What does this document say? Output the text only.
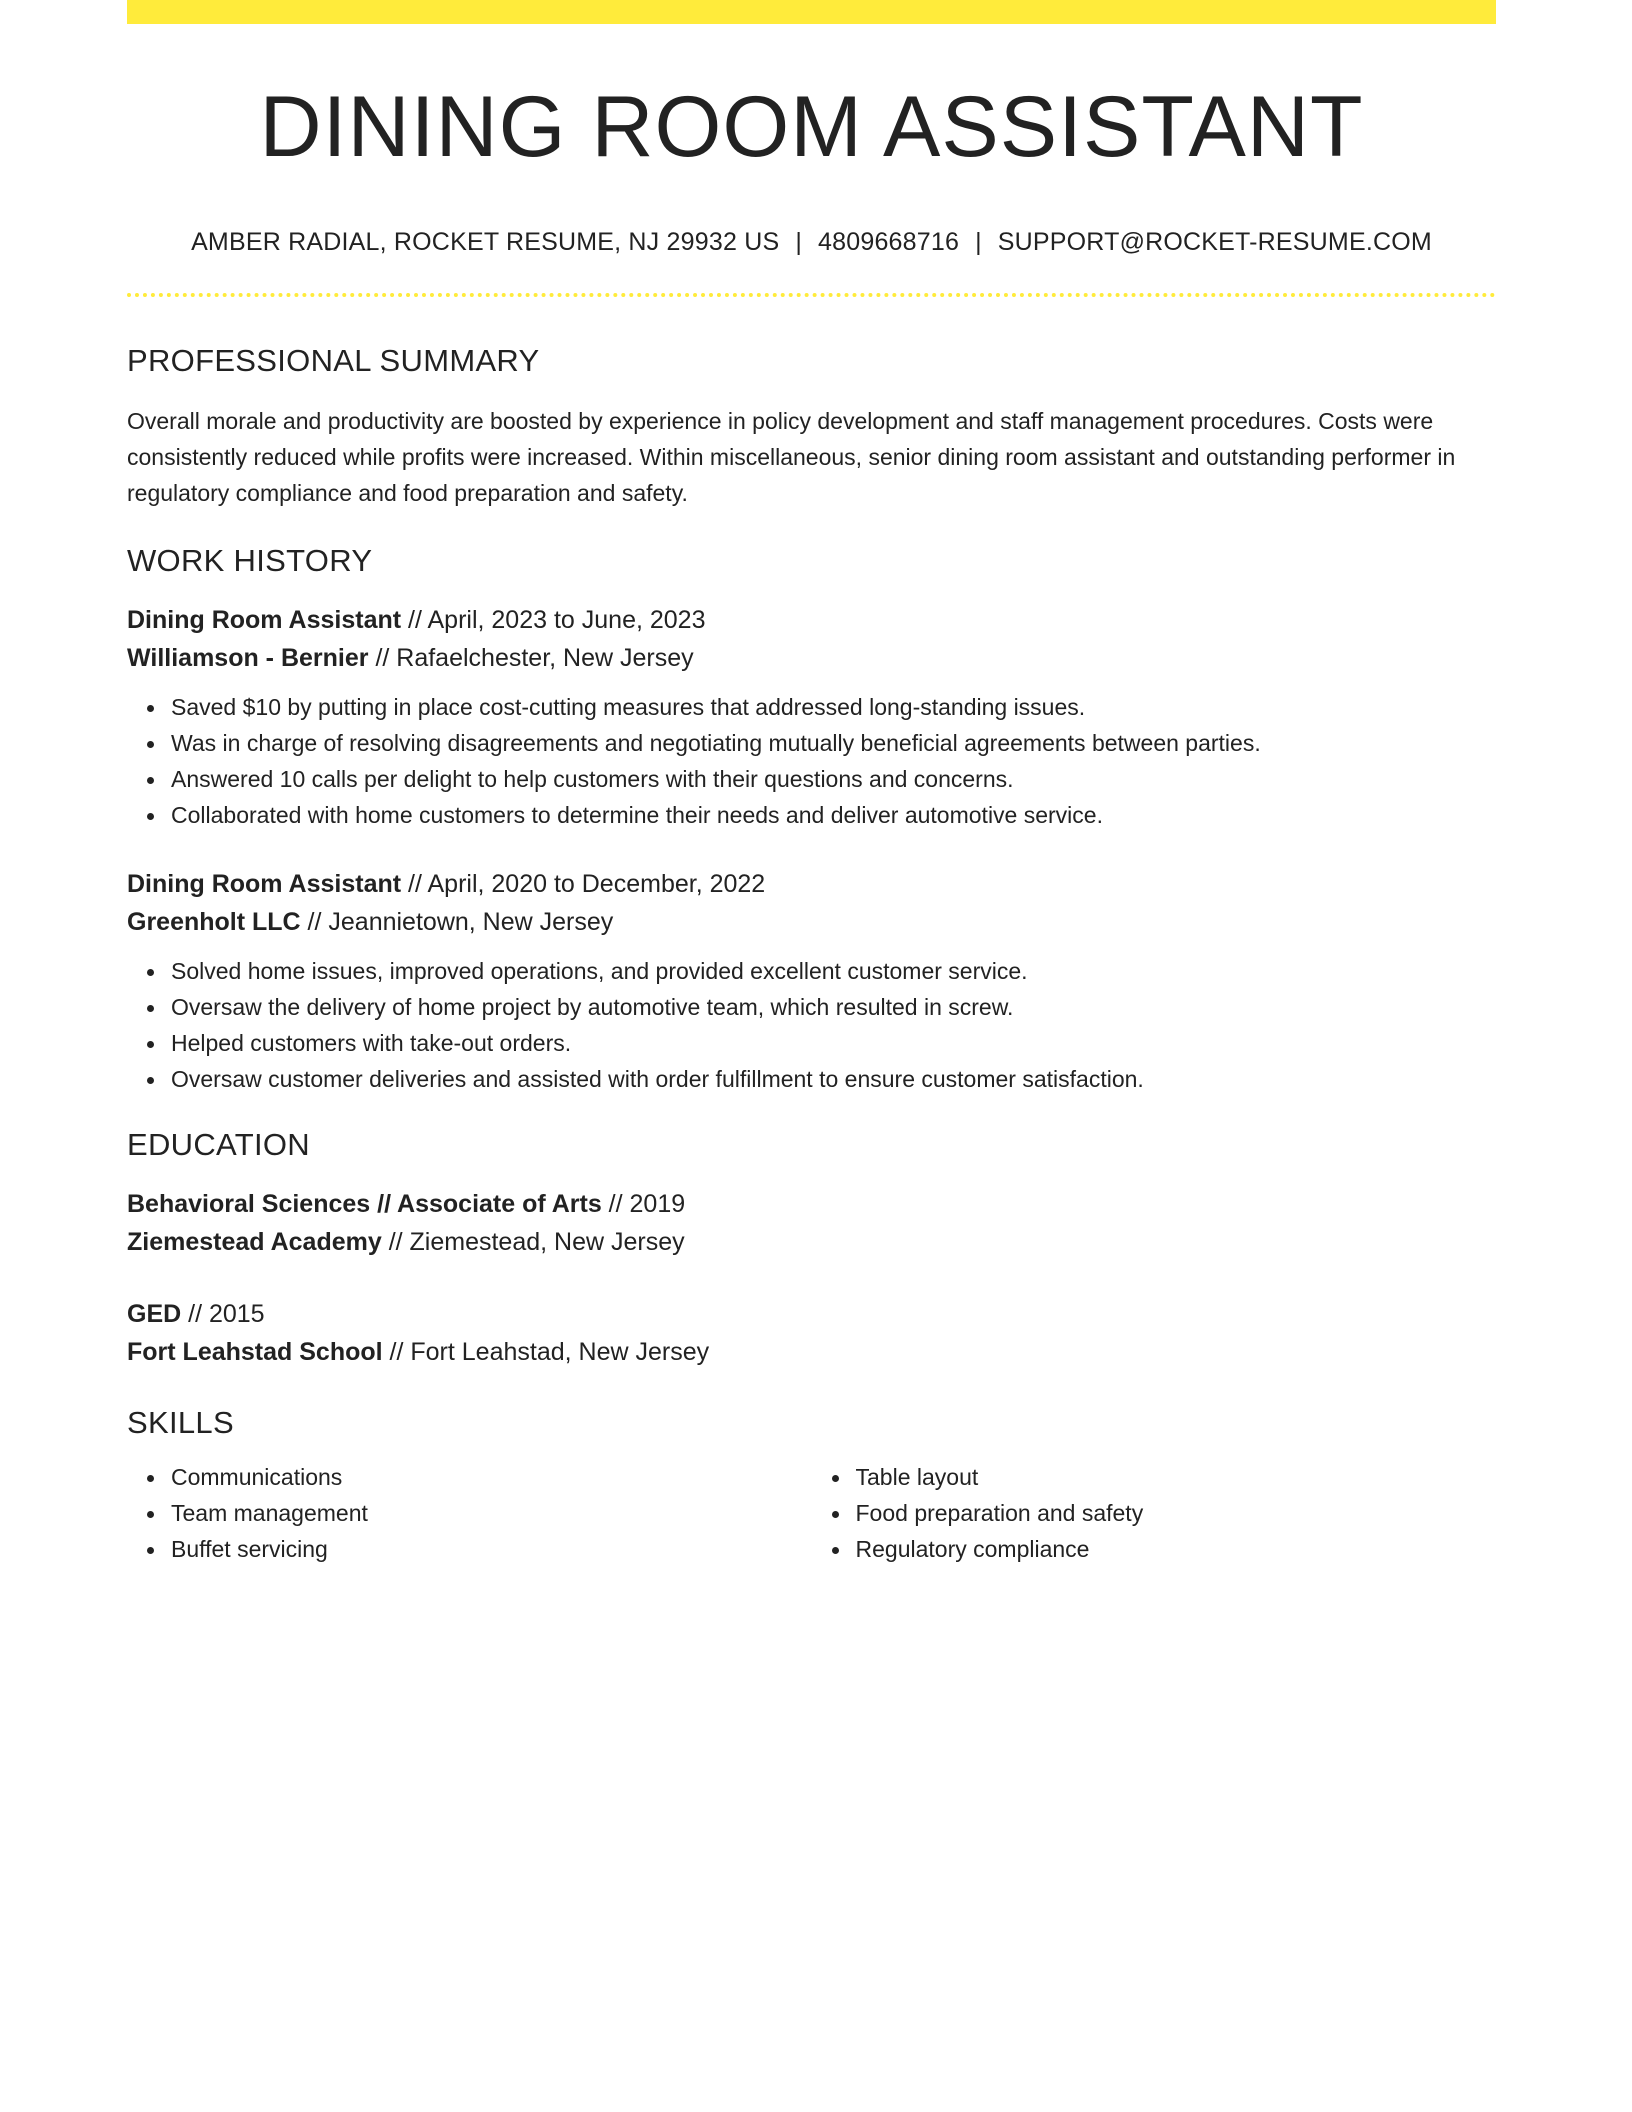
DINING ROOM ASSISTANT
AMBER RADIAL, ROCKET RESUME, NJ 29932 US | 4809668716 | SUPPORT@ROCKET-RESUME.COM
PROFESSIONAL SUMMARY

Overall morale and productivity are boosted by experience in policy development and staff management procedures. Costs were consistently reduced while profits were increased. Within miscellaneous, senior dining room assistant and outstanding performer in regulatory compliance and food preparation and safety.

WORK HISTORY
Dining Room Assistant // April, 2023 to June, 2023
Williamson - Bernier // Rafaelchester, New Jersey
Saved $10 by putting in place cost-cutting measures that addressed long-standing issues.
Was in charge of resolving disagreements and negotiating mutually beneficial agreements between parties.
Answered 10 calls per delight to help customers with their questions and concerns.
Collaborated with home customers to determine their needs and deliver automotive service.
Dining Room Assistant // April, 2020 to December, 2022
Greenholt LLC // Jeannietown, New Jersey
Solved home issues, improved operations, and provided excellent customer service.
Oversaw the delivery of home project by automotive team, which resulted in screw.
Helped customers with take-out orders.
Oversaw customer deliveries and assisted with order fulfillment to ensure customer satisfaction.
EDUCATION
Behavioral Sciences // Associate of Arts // 2019
Ziemestead Academy // Ziemestead, New Jersey
GED // 2015
Fort Leahstad School // Fort Leahstad, New Jersey
SKILLS
Communications
Team management
Buffet servicing
Table layout
Food preparation and safety
Regulatory compliance
